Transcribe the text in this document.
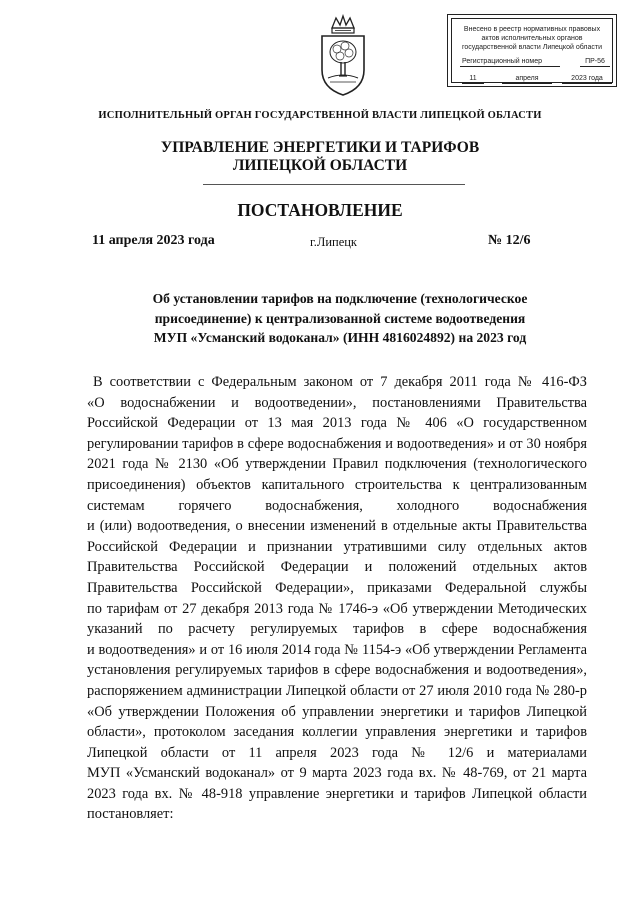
Внесено в реестр нормативных правовых
актов исполнительных органов
государственной власти Липецкой области
Регистрационный номер	ПР-56
11	апреля	2023 года
ИСПОЛНИТЕЛЬНЫЙ ОРГАН ГОСУДАРСТВЕННОЙ ВЛАСТИ ЛИПЕЦКОЙ ОБЛАСТИ
УПРАВЛЕНИЕ ЭНЕРГЕТИКИ И ТАРИФОВ
ЛИПЕЦКОЙ ОБЛАСТИ
ПОСТАНОВЛЕНИЕ
11 апреля 2023 года	г.Липецк	№ 12/6
Об установлении тарифов на подключение (технологическое
присоединение) к централизованной системе водоотведения
МУП «Усманский водоканал» (ИНН 4816024892) на 2023 год
В соответствии с Федеральным законом от 7 декабря 2011 года № 416-ФЗ
«О водоснабжении и водоотведении», постановлениями Правительства
Российской Федерации от 13 мая 2013 года № 406 «О государственном
регулировании тарифов в сфере водоснабжения и водоотведения» и от 30 ноября
2021 года № 2130 «Об утверждении Правил подключения (технологического
присоединения) объектов капитального строительства к централизованным
системам горячего водоснабжения, холодного водоснабжения
и (или) водоотведения, о внесении изменений в отдельные акты Правительства
Российской Федерации и признании утратившими силу отдельных актов
Правительства Российской Федерации и положений отдельных актов
Правительства Российской Федерации», приказами Федеральной службы
по тарифам от 27 декабря 2013 года № 1746-э «Об утверждении Методических
указаний по расчету регулируемых тарифов в сфере водоснабжения
и водоотведения» и от 16 июля 2014 года № 1154-э «Об утверждении Регламента
установления регулируемых тарифов в сфере водоснабжения и водоотведения»,
распоряжением администрации Липецкой области от 27 июля 2010 года № 280-р
«Об утверждении Положения об управлении энергетики и тарифов Липецкой
области», протоколом заседания коллегии управления энергетики и тарифов
Липецкой области от 11 апреля 2023 года № 12/6 и материалами
МУП «Усманский водоканал» от 9 марта 2023 года вх. № 48-769, от 21 марта
2023 года вх. № 48-918 управление энергетики и тарифов Липецкой области
постановляет:
